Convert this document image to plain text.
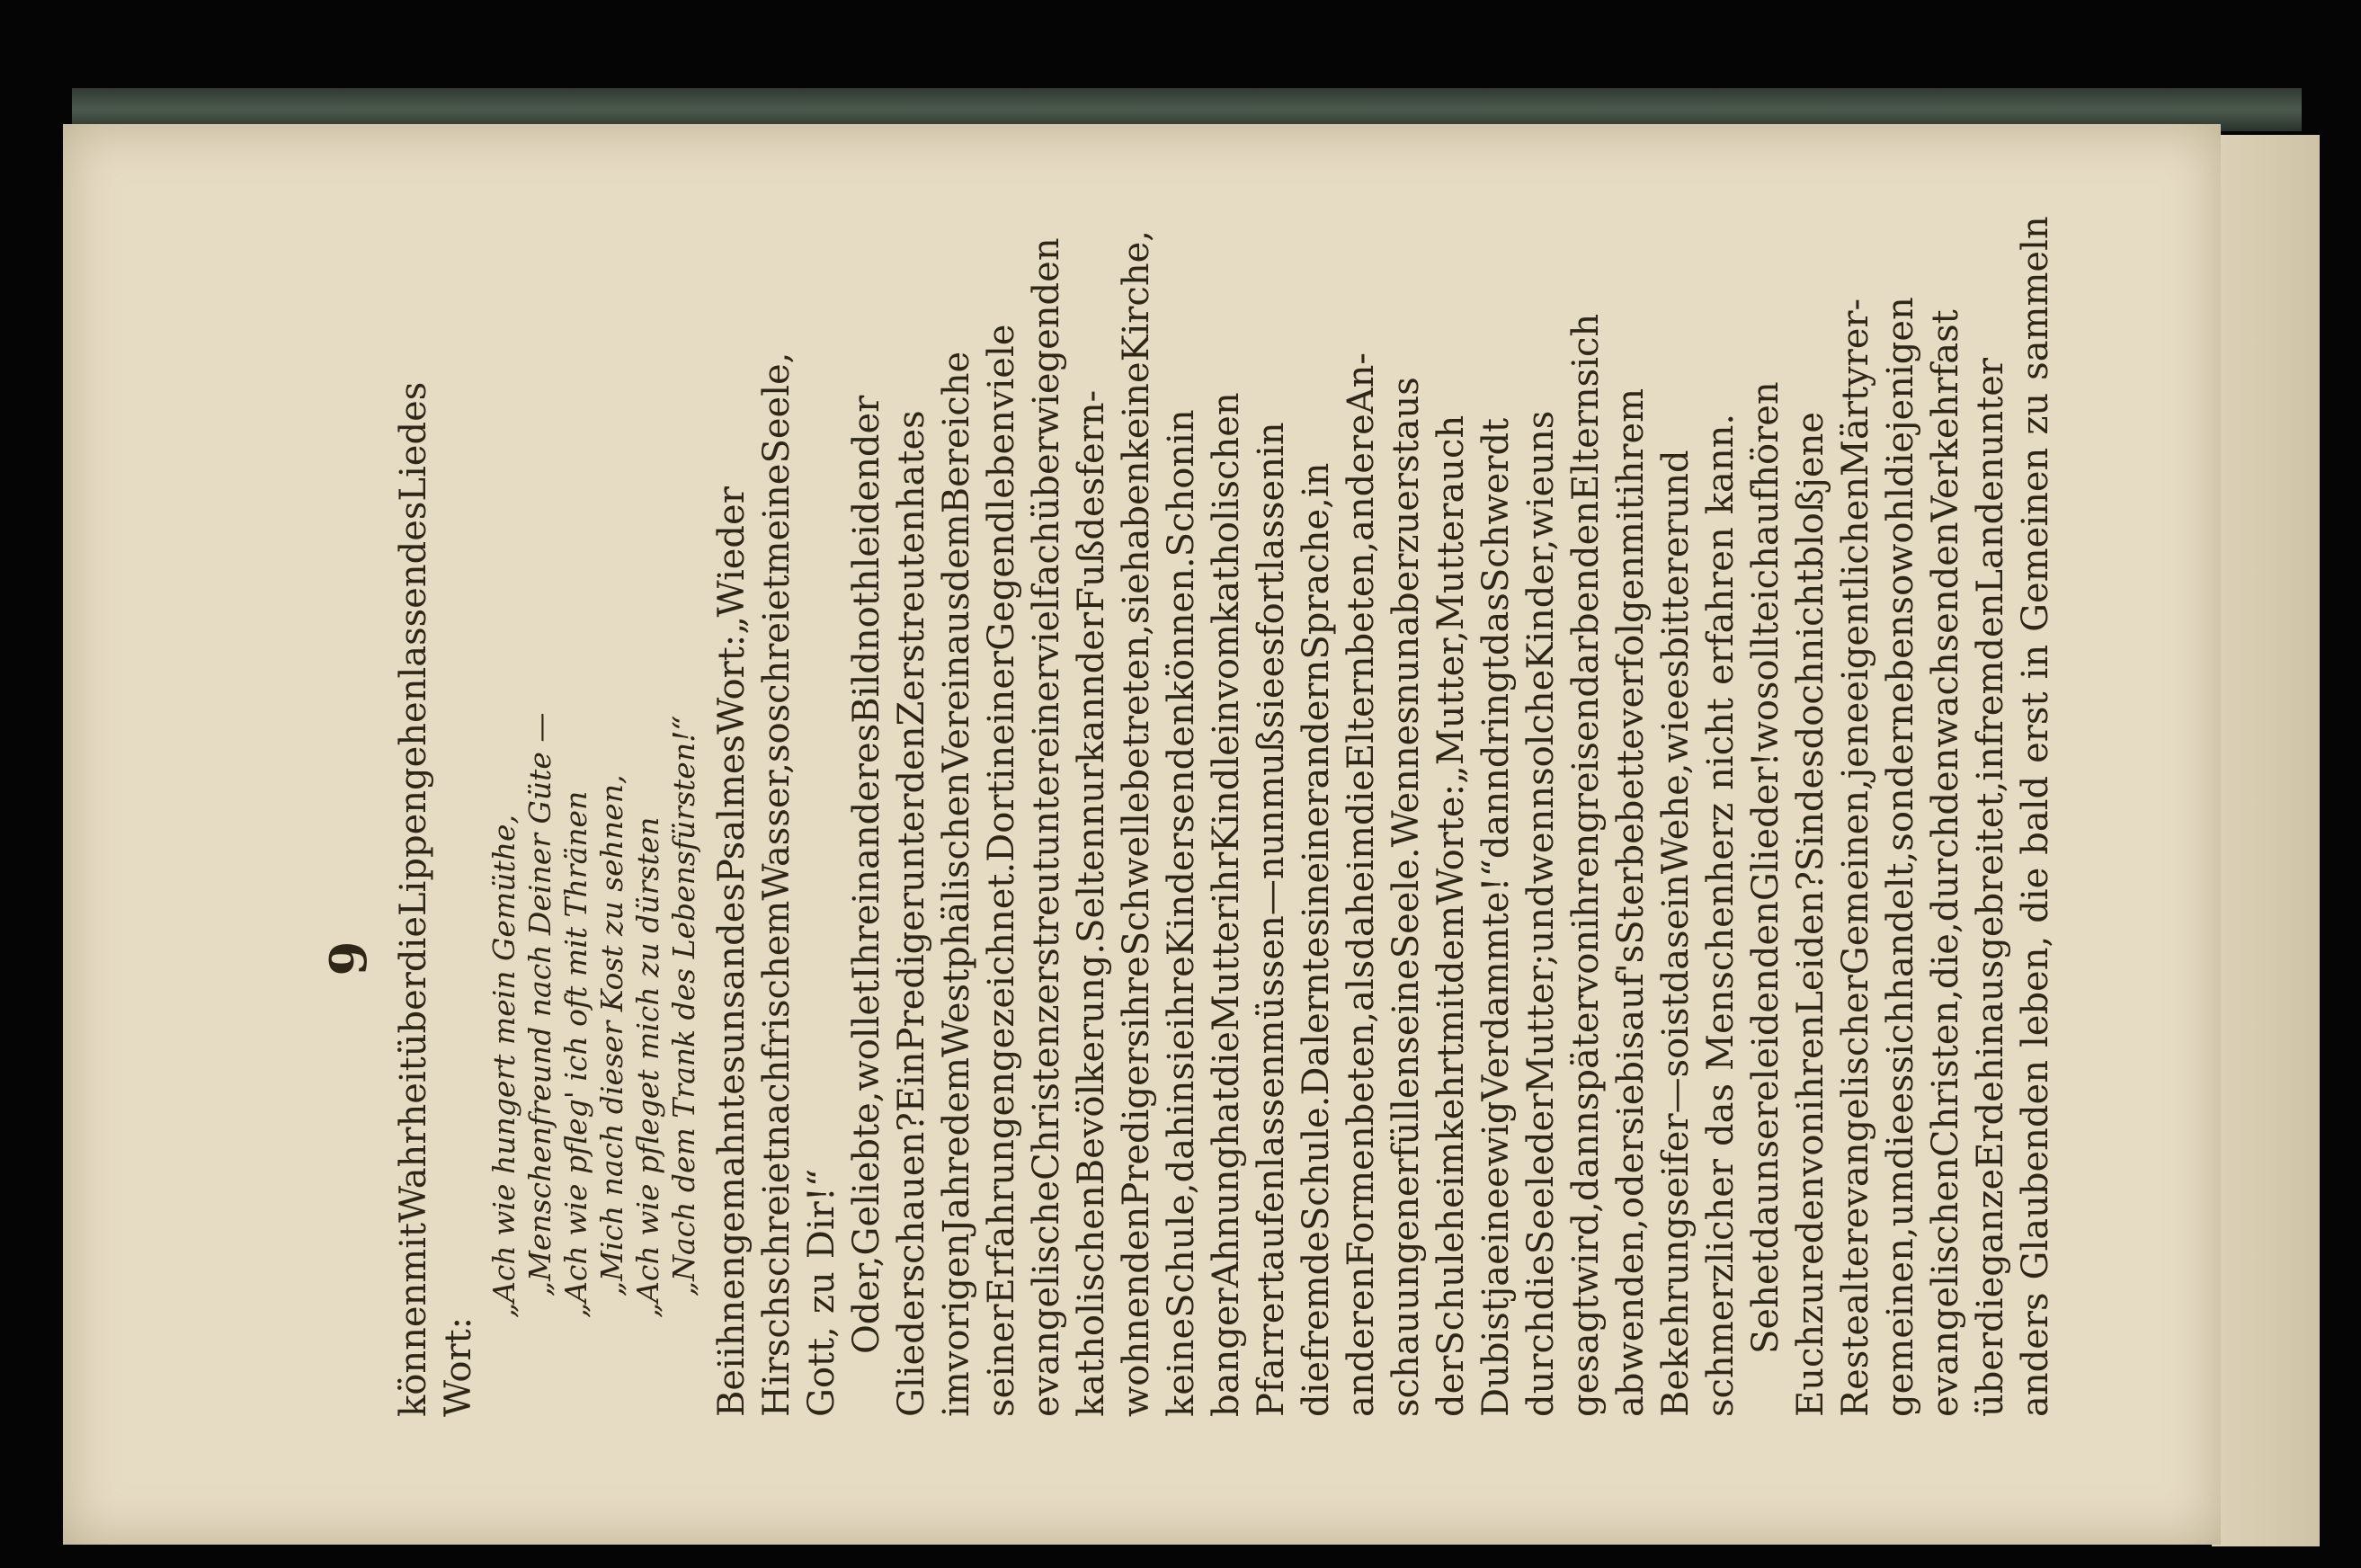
9
können
mit
Wahrheit
über
die
Lippen
gehen
lassen
des
Liedes
Wort:
„Ach wie hungert mein Gemüthe, „Menschenfreund nach Deiner Güte — „Ach wie pfleg' ich oft mit Thränen „Mich nach dieser Kost zu sehnen, „Ach wie pfleget mich zu dürsten „Nach dem Trank des Lebensfürsten!“
Bei
ihnen
gemahnt
es
uns
an
des
Psalmes
Wort:
„Wie
der
Hirsch
schreiet
nach
frischem
Wasser,
so
schreiet
meine
Seele,
Gott,
zu
Dir!“
Oder,
Geliebte,
wollet
Ihr
ein
anderes
Bild
nothleidender
Glieder
schauen?
Ein
Prediger
unter
den
Zerstreuten
hat
es
im
vorigen
Jahre
dem
Westphälischen
Verein
aus
dem
Bereiche
seiner
Erfahrungen
gezeichnet.
Dort
in
einer
Gegend
leben
viele
evangelische
Christen
zerstreut
unter
einer
vielfach
überwiegenden
katholischen
Bevölkerung.
Selten
nur
kann
der
Fuß
des
fern-
wohnenden
Predigers
ihre
Schwelle
betreten,
sie
haben
keine
Kirche,
keine
Schule,
dahin
sie
ihre
Kinder
senden
können.
Schon
in
banger
Ahnung
hat
die
Mutter
ihr
Kindlein
vom
katholischen
Pfarrer
taufen
lassen
müssen
—
nun
muß
sie
es
fortlassen
in
die
fremde
Schule.
Da
lernt
es
in
einer
andern
Sprache,
in
anderen
Formen
beten,
als
daheim
die
Eltern
beten,
andere
An-
schauungen
erfüllen
seine
Seele.
Wenn
es
nun
aber
zuerst
aus
der
Schule
heimkehrt
mit
dem
Worte:
„Mutter,
Mutter
auch
Du
bist
ja
eine
ewig
Verdammte!“
dann
dringt
das
Schwerdt
durch
die
Seele
der
Mutter;
und
wenn
solche
Kinder,
wie
uns
gesagt
wird,
dann
später
von
ihren
greisen
darbenden
Eltern
sich
abwenden,
oder
sie
bis
auf's
Sterbebette
verfolgen
mit
ihrem
Bekehrungseifer
—
so
ist
das
ein
Wehe,
wie
es
bitterer
und
schmerzlicher
das
Menschenherz
nicht
erfahren
kann.
Sehet
da
unsere
leidenden
Glieder!
wo
sollte
ich
aufhören
Euch
zu
reden
von
ihren
Leiden?
Sind
es
doch
nicht
bloß
jene
Reste
alter
evangelischer
Gemeinen,
jene
eigentlichen
Märtyrer-
gemeinen,
um
die
es
sich
handelt,
sondern
eben
so
wohl
diejenigen
evangelischen
Christen,
die,
durch
den
wachsenden
Verkehr
fast
über
die
ganze
Erde
hin
ausgebreitet,
in
fremden
Landen
unter
anders
Glaubenden
leben,
die
bald
erst
in
Gemeinen
zu
sammeln
